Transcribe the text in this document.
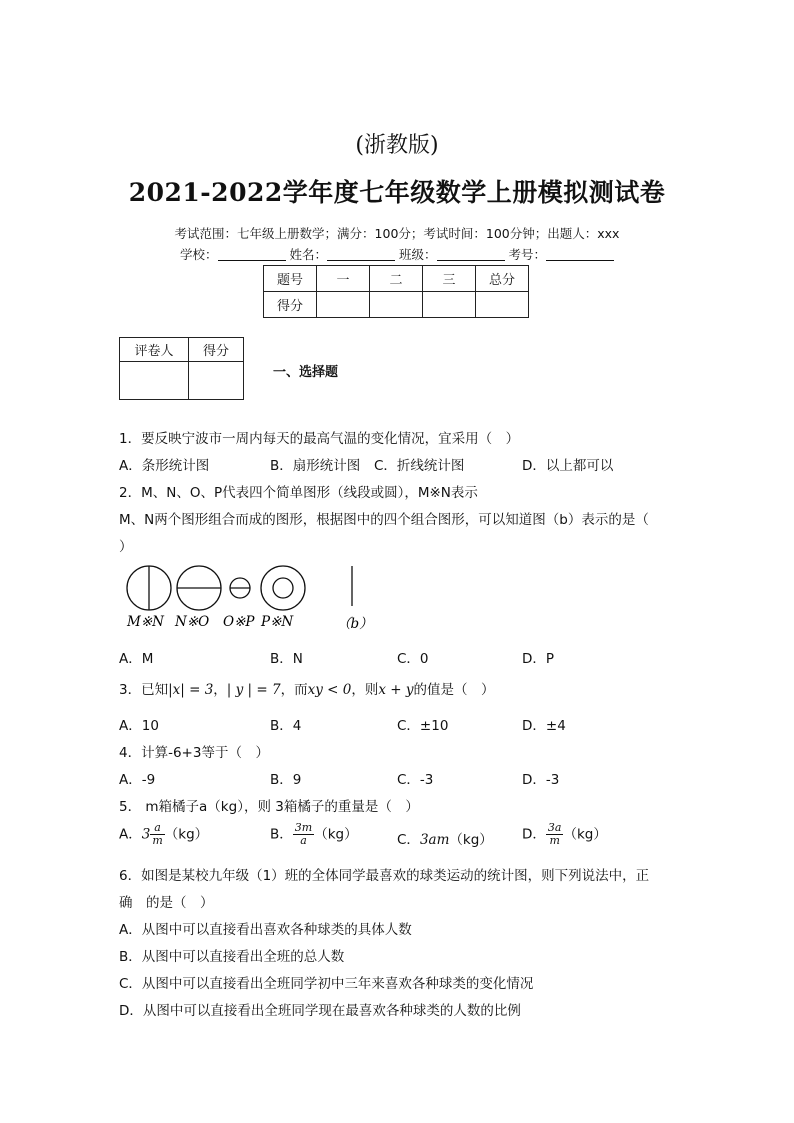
(浙教版)
2021-2022学年度七年级数学上册模拟测试卷
考试范围：七年级上册数学；满分：100分；考试时间：100分钟；出题人：xxx
学校：	姓名：	班级：	考号：
题号	一	二	三	总分
得分				
评卷人	得分

一、选择题
1．要反映宁波市一周内每天的最高气温的变化情况，宜采用（　）
A．条形统计图	B．扇形统计图 C．折线统计图	D．以上都可以
2．M、N、O、P代表四个简单图形（线段或圆），M※N表示
M、N两个图形组合而成的图形，根据图中的四个组合图形，可以知道图（b）表示的是（
）
M※N N※O O※P P※N	（b）
A．M	B．N	C．0	D．P
3．已知|x| = 3，| y | = 7，而xy < 0，则x + y的值是（　）
A．10	B．4	C．±10	D．±4
4．计算-6+3等于（　）
A．-9	B．9	C．-3	D．-3
5． m箱橘子a（kg），则 3箱橘子的重量是（　）
A．$3 \frac{a}{m} (kg)$	B． $\frac{3m}{a} (kg)$	C．3am（kg） D． $\frac{3a}{m} (kg)$
6．如图是某校九年级（1）班的全体同学最喜欢的球类运动的统计图，则下列说法中，正
确　的是（　）
A．从图中可以直接看出喜欢各种球类的具体人数
B．从图中可以直接看出全班的总人数
C．从图中可以直接看出全班同学初中三年来喜欢各种球类的变化情况
D．从图中可以直接看出全班同学现在最喜欢各种球类的人数的比例
